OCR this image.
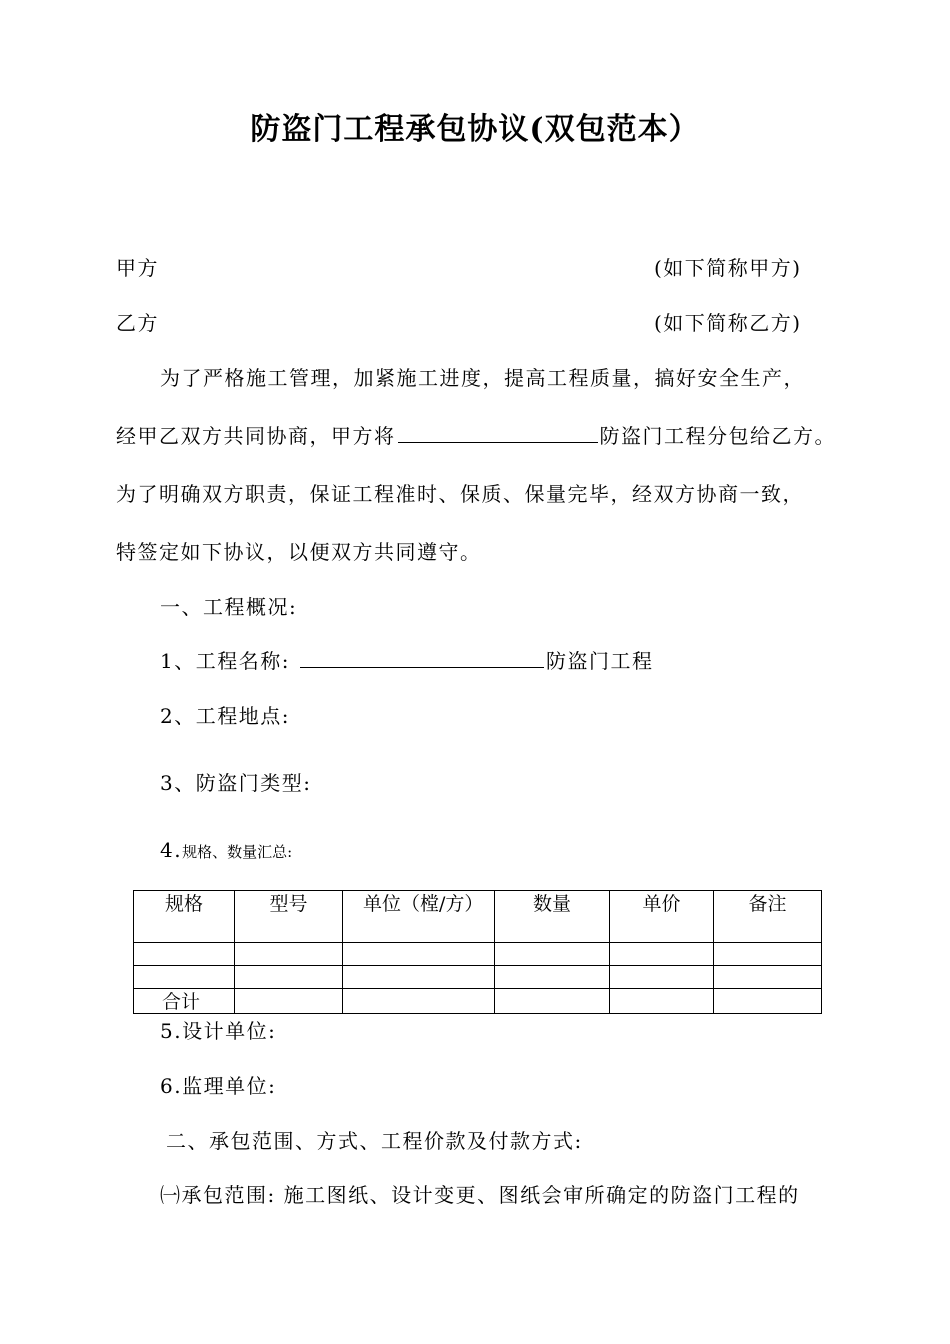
防盗门工程承包协议(双包范本）
甲方	(如下简称甲方)
乙方	(如下简称乙方)
为了严格施工管理，加紧施工进度，提高工程质量，搞好安全生产，
经甲乙双方共同协商，甲方将	防盗门工程分包给乙方。
为了明确双方职责，保证工程准时、保质、保量完毕，经双方协商一致，
特签定如下协议，以便双方共同遵守。
一、工程概况:
1、工程名称:	防盗门工程
2、工程地点:
3、防盗门类型:
4.规格、数量汇总:
规格	型号	单位（樘/方）	数量	单价	备注

合计					
5.设计单位:
6.监理单位:
二、承包范围、方式、工程价款及付款方式:
㈠承包范围: 施工图纸、设计变更、图纸会审所确定的防盗门工程的
